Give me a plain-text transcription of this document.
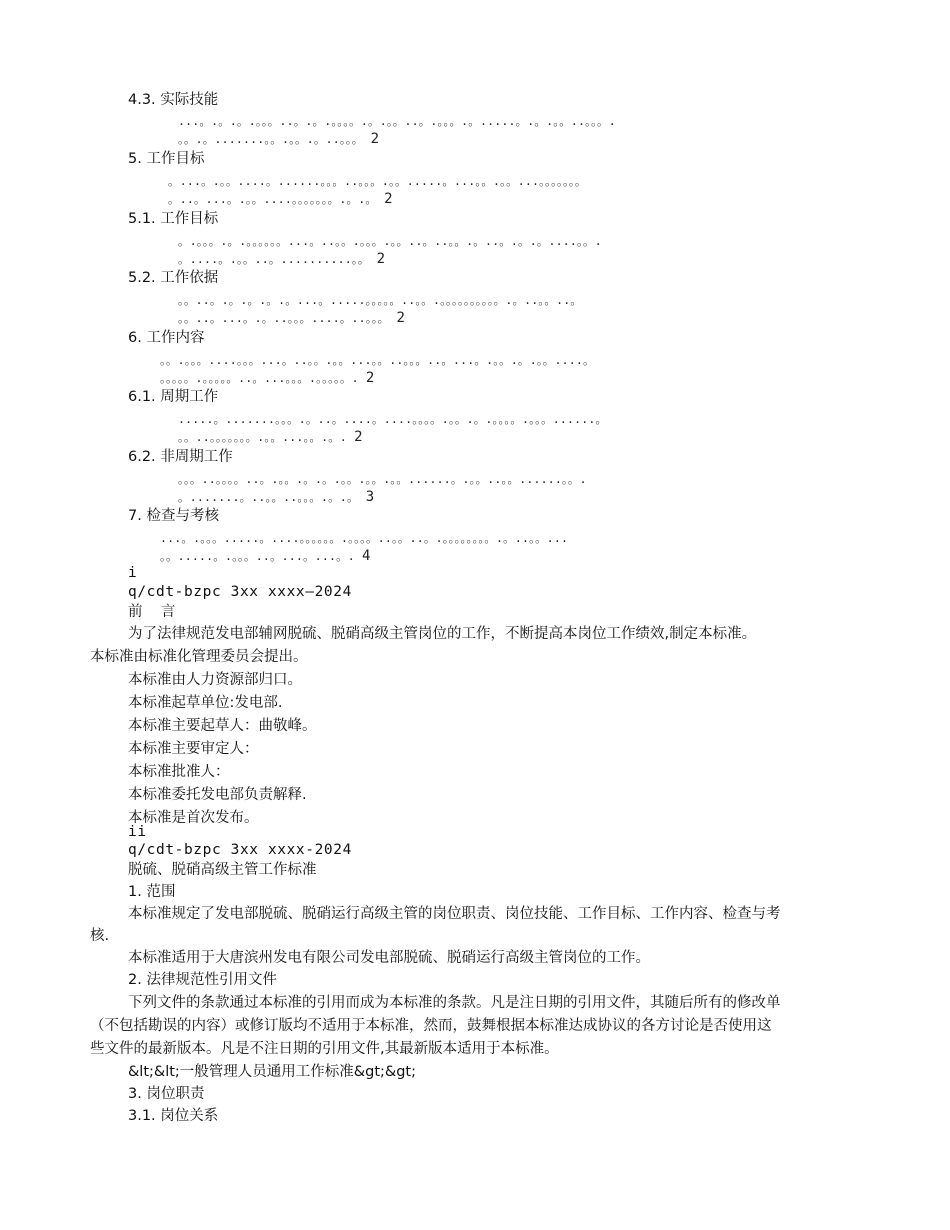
4.3. 实际技能
...。.。.。.。。。..。.。.。。。。.。.。。..。.。。。.。.....。.。.。。..。。。.
。。.。.......。。.。。.。..。。。 2
5. 工作目标
。...。.。。....。......。。。..。。。.。。.....。...。。.。。...。。。。。。。
。..。...。.。。....。。。。。。。.。.。 2
5.1. 工作目标
。.。。。.。.。。。。。。...。..。。.。。。.。。..。..。。.。..。.。.。....。。.
。....。.。。..。..........。。 2
5.2. 工作依据
。。..。.。.。.。.。...。.....。。。。。..。。.。。。。。。。。。。.。..。。..。
。。..。...。.。..。。。....。..。。。 2
6. 工作内容
。。.。。。....。。。...。..。。.。。...。。..。。。..。...。.。。.。.。。....。
。。。。。.。。。。。..。...。。。.。。。。。. 2
6.1. 周期工作
.....。.......。。。.。..。....。....。。。。.。。.。.。。。。.。。。......。
。。..。。。。。。。.。。...。。.。. 2
6.2. 非周期工作
。。。..。。。。..。.。。.。.。.。。.。。.。。......。.。。..。。......。。.
。.......。..。。..。。。.。.。 3
7. 检查与考核
...。.。。。.....。....。。。。。。.。。。。..。。..。.。。。。。。。。.。..。。...
。。.....。.。。。..。...。...。. 4
i
q/cdt-bzpc 3xx xxxx—2024
前    言
为了法律规范发电部辅网脱硫、脱硝高级主管岗位的工作，不断提高本岗位工作绩效,制定本标准。
本标准由标准化管理委员会提出。
本标准由人力资源部归口。
本标准起草单位:发电部.
本标准主要起草人：曲敬峰。
本标准主要审定人：
本标准批准人：
本标准委托发电部负责解释.
本标准是首次发布。
ii
q/cdt-bzpc 3xx xxxx-2024
脱硫、脱硝高级主管工作标准
1. 范围
本标准规定了发电部脱硫、脱硝运行高级主管的岗位职责、岗位技能、工作目标、工作内容、检查与考
核.
本标准适用于大唐滨州发电有限公司发电部脱硫、脱硝运行高级主管岗位的工作。
2. 法律规范性引用文件
下列文件的条款通过本标准的引用而成为本标准的条款。凡是注日期的引用文件，其随后所有的修改单
（不包括勘误的内容）或修订版均不适用于本标准，然而，鼓舞根据本标准达成协议的各方讨论是否使用这
些文件的最新版本。凡是不注日期的引用文件,其最新版本适用于本标准。
&lt;&lt;一般管理人员通用工作标准&gt;&gt;
3. 岗位职责
3.1. 岗位关系
